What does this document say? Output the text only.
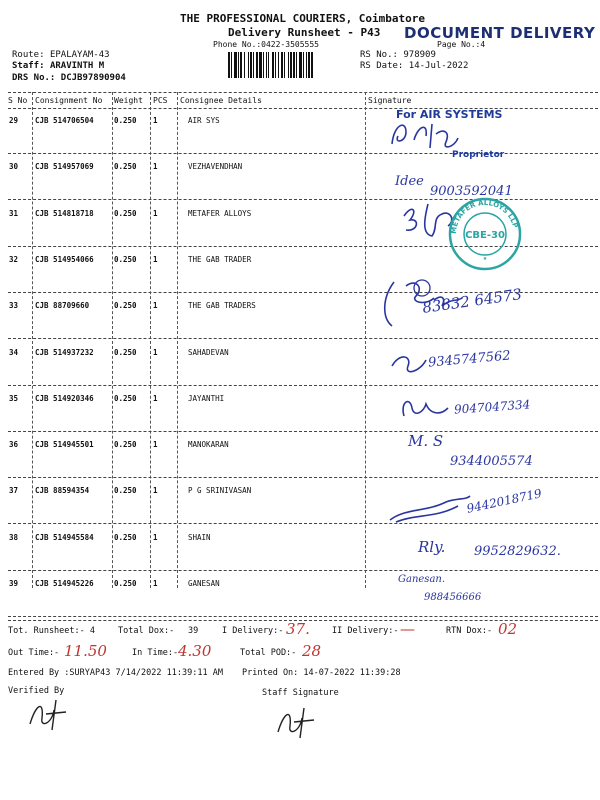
THE PROFESSIONAL COURIERS, Coimbatore
Delivery Runsheet - P43
Phone No.:0422-3505555	Page No.:4
DOCUMENT DELIVERY
Route: EPALAYAM-43
Staff: ARAVINTH M
DRS No.: DCJB97890904
RS No.: 978909
RS Date: 14-Jul-2022
S No Consignment No Weight PCS Consignee Details	Signature
29 CJB 514706504	0.250 1	AIR SYS
30 CJB 514957069	0.250 1	VEZHAVENDHAN
31 CJB 514818718	0.250 1	METAFER ALLOYS
32 CJB 514954066	0.250 1	THE GAB TRADER
33 CJB 88709660	0.250 1	THE GAB TRADERS
34 CJB 514937232	0.250 1	SAHADEVAN
35 CJB 514920346	0.250 1	JAYANTHI
36 CJB 514945501	0.250 1	MANOKARAN
37 CJB 88594354	0.250 1	P G SRINIVASAN
38 CJB 514945584	0.250 1	SHAIN
39 CJB 514945226	0.250 1	GANESAN
For AIR SYSTEMS
Proprietor
Idee
9003592041
CBE-30
METAFER ALLOYS LLP
★
83832 64573
9345747562
9047047334
M. S
9344005574
9442018719
Rly. 9952829632.
Ganesan.
988456666
Tot. Runsheet:- 4	Total Dox:- 39	I Delivery:- 37.	II Delivery:- —	RTN Dox:- 02
Out Time:- 11.50	In Time:- 4.30	Total POD:- 28
Entered By :SURYAP43 7/14/2022 11:39:11 AM Printed On: 14-07-2022 11:39:28
Verified By	Staff Signature
